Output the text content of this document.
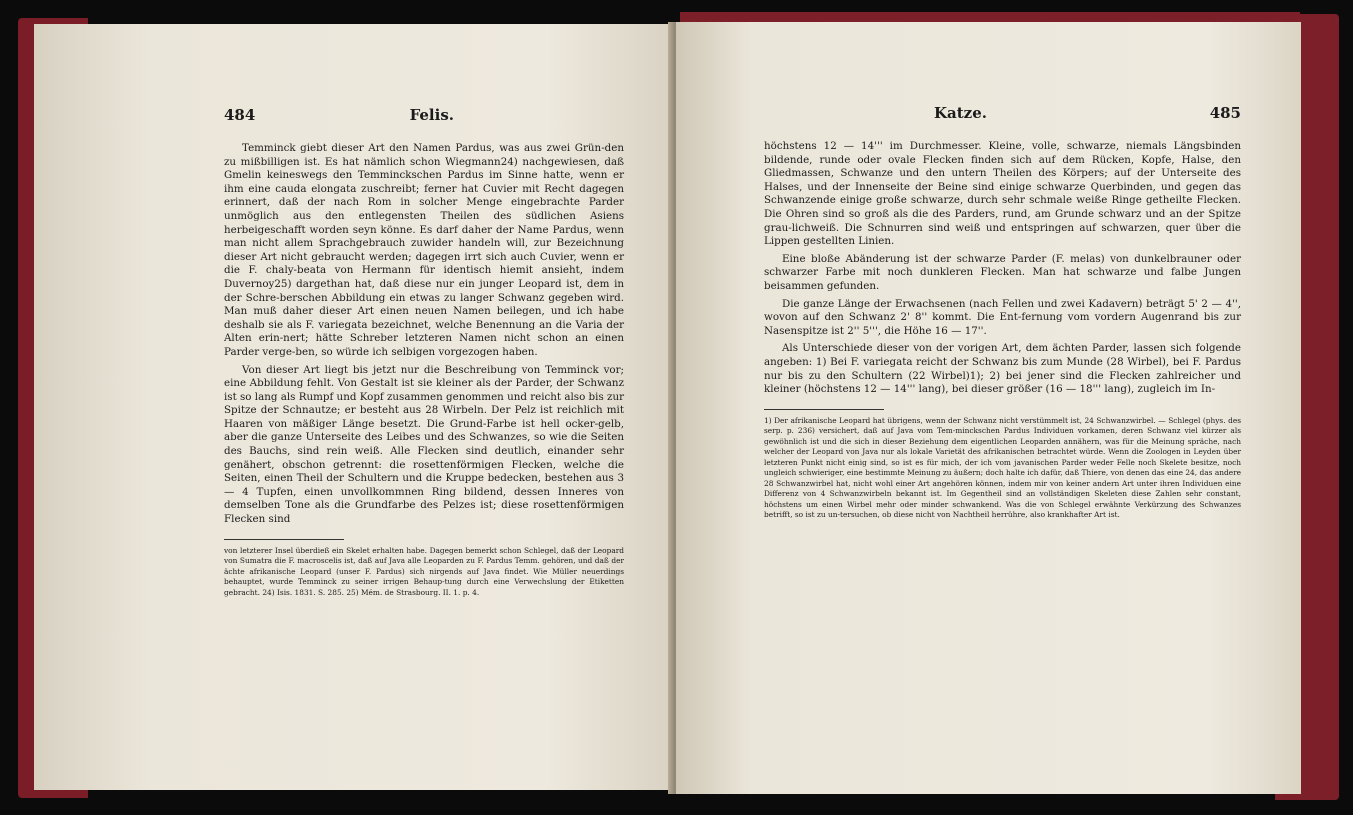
484	Felis.

Temminck giebt dieser Art den Namen Pardus, was aus zwei Grün-den zu mißbilligen ist. Es hat nämlich schon Wiegmann24) nachgewiesen, daß Gmelin keineswegs den Temminckschen Pardus im Sinne hatte, wenn er ihm eine cauda elongata zuschreibt; ferner hat Cuvier mit Recht dagegen erinnert, daß der nach Rom in solcher Menge eingebrachte Parder unmöglich aus den entlegensten Theilen des südlichen Asiens herbeigeschafft worden seyn könne. Es darf daher der Name Pardus, wenn man nicht allem Sprachgebrauch zuwider handeln will, zur Bezeichnung dieser Art nicht gebraucht werden; dagegen irrt sich auch Cuvier, wenn er die F. chaly-beata von Hermann für identisch hiemit ansieht, indem Duvernoy25) dargethan hat, daß diese nur ein junger Leopard ist, dem in der Schre-berschen Abbildung ein etwas zu langer Schwanz gegeben wird. Man muß daher dieser Art einen neuen Namen beilegen, und ich habe deshalb sie als F. variegata bezeichnet, welche Benennung an die Varia der Alten erin-nert; hätte Schreber letzteren Namen nicht schon an einen Parder verge-ben, so würde ich selbigen vorgezogen haben.

Von dieser Art liegt bis jetzt nur die Beschreibung von Temminck vor; eine Abbildung fehlt. Von Gestalt ist sie kleiner als der Parder, der Schwanz ist so lang als Rumpf und Kopf zusammen genommen und reicht also bis zur Spitze der Schnautze; er besteht aus 28 Wirbeln. Der Pelz ist reichlich mit Haaren von mäßiger Länge besetzt. Die Grund-Farbe ist hell ocker-gelb, aber die ganze Unterseite des Leibes und des Schwanzes, so wie die Seiten des Bauchs, sind rein weiß. Alle Flecken sind deutlich, einander sehr genähert, obschon getrennt: die rosettenförmigen Flecken, welche die Seiten, einen Theil der Schultern und die Kruppe bedecken, bestehen aus 3 — 4 Tupfen, einen unvollkommnen Ring bildend, dessen Inneres von demselben Tone als die Grundfarbe des Pelzes ist; diese rosettenförmigen Flecken sind

von letzterer Insel überdieß ein Skelet erhalten habe. Dagegen bemerkt schon Schlegel, daß der Leopard von Sumatra die F. macroscelis ist, daß auf Java alle Leoparden zu F. Pardus Temm. gehören, und daß der ächte afrikanische Leopard (unser F. Pardus) sich nirgends auf Java findet. Wie Müller neuerdings behauptet, wurde Temminck zu seiner irrigen Behaup-tung durch eine Verwechslung der Etiketten gebracht. 24) Isis. 1831. S. 285. 25) Mém. de Strasbourg. II. 1. p. 4.

Katze.	485

höchstens 12 — 14''' im Durchmesser. Kleine, volle, schwarze, niemals Längsbinden bildende, runde oder ovale Flecken finden sich auf dem Rücken, Kopfe, Halse, den Gliedmassen, Schwanze und den untern Theilen des Körpers; auf der Unterseite des Halses, und der Innenseite der Beine sind einige schwarze Querbinden, und gegen das Schwanzende einige große schwarze, durch sehr schmale weiße Ringe getheilte Flecken. Die Ohren sind so groß als die des Parders, rund, am Grunde schwarz und an der Spitze grau-lichweiß. Die Schnurren sind weiß und entspringen auf schwarzen, quer über die Lippen gestellten Linien.

Eine bloße Abänderung ist der schwarze Parder (F. melas) von dunkelbrauner oder schwarzer Farbe mit noch dunkleren Flecken. Man hat schwarze und falbe Jungen beisammen gefunden.

Die ganze Länge der Erwachsenen (nach Fellen und zwei Kadavern) beträgt 5' 2 — 4'', wovon auf den Schwanz 2' 8'' kommt. Die Ent-fernung vom vordern Augenrand bis zur Nasenspitze ist 2'' 5''', die Höhe 16 — 17''.

Als Unterschiede dieser von der vorigen Art, dem ächten Parder, lassen sich folgende angeben: 1) Bei F. variegata reicht der Schwanz bis zum Munde (28 Wirbel), bei F. Pardus nur bis zu den Schultern (22 Wirbel)1); 2) bei jener sind die Flecken zahlreicher und kleiner (höchstens 12 — 14''' lang), bei dieser größer (16 — 18''' lang), zugleich im In-

1) Der afrikanische Leopard hat übrigens, wenn der Schwanz nicht verstümmelt ist, 24 Schwanzwirbel. — Schlegel (phys. des serp. p. 236) versichert, daß auf Java vom Tem-minckschen Pardus Individuen vorkamen, deren Schwanz viel kürzer als gewöhnlich ist und die sich in dieser Beziehung dem eigentlichen Leoparden annähern, was für die Meinung spräche, nach welcher der Leopard von Java nur als lokale Varietät des afrikanischen betrachtet würde. Wenn die Zoologen in Leyden über letzteren Punkt nicht einig sind, so ist es für mich, der ich vom javanischen Parder weder Felle noch Skelete besitze, noch ungleich schwieriger, eine bestimmte Meinung zu äußern; doch halte ich dafür, daß Thiere, von denen das eine 24, das andere 28 Schwanzwirbel hat, nicht wohl einer Art angehören können, indem mir von keiner andern Art unter ihren Individuen eine Differenz von 4 Schwanzwirbeln bekannt ist. Im Gegentheil sind an vollständigen Skeleten diese Zahlen sehr constant, höchstens um einen Wirbel mehr oder minder schwankend. Was die von Schlegel erwähnte Verkürzung des Schwanzes betrifft, so ist zu un-tersuchen, ob diese nicht von Nachtheil herrühre, also krankhafter Art ist.
